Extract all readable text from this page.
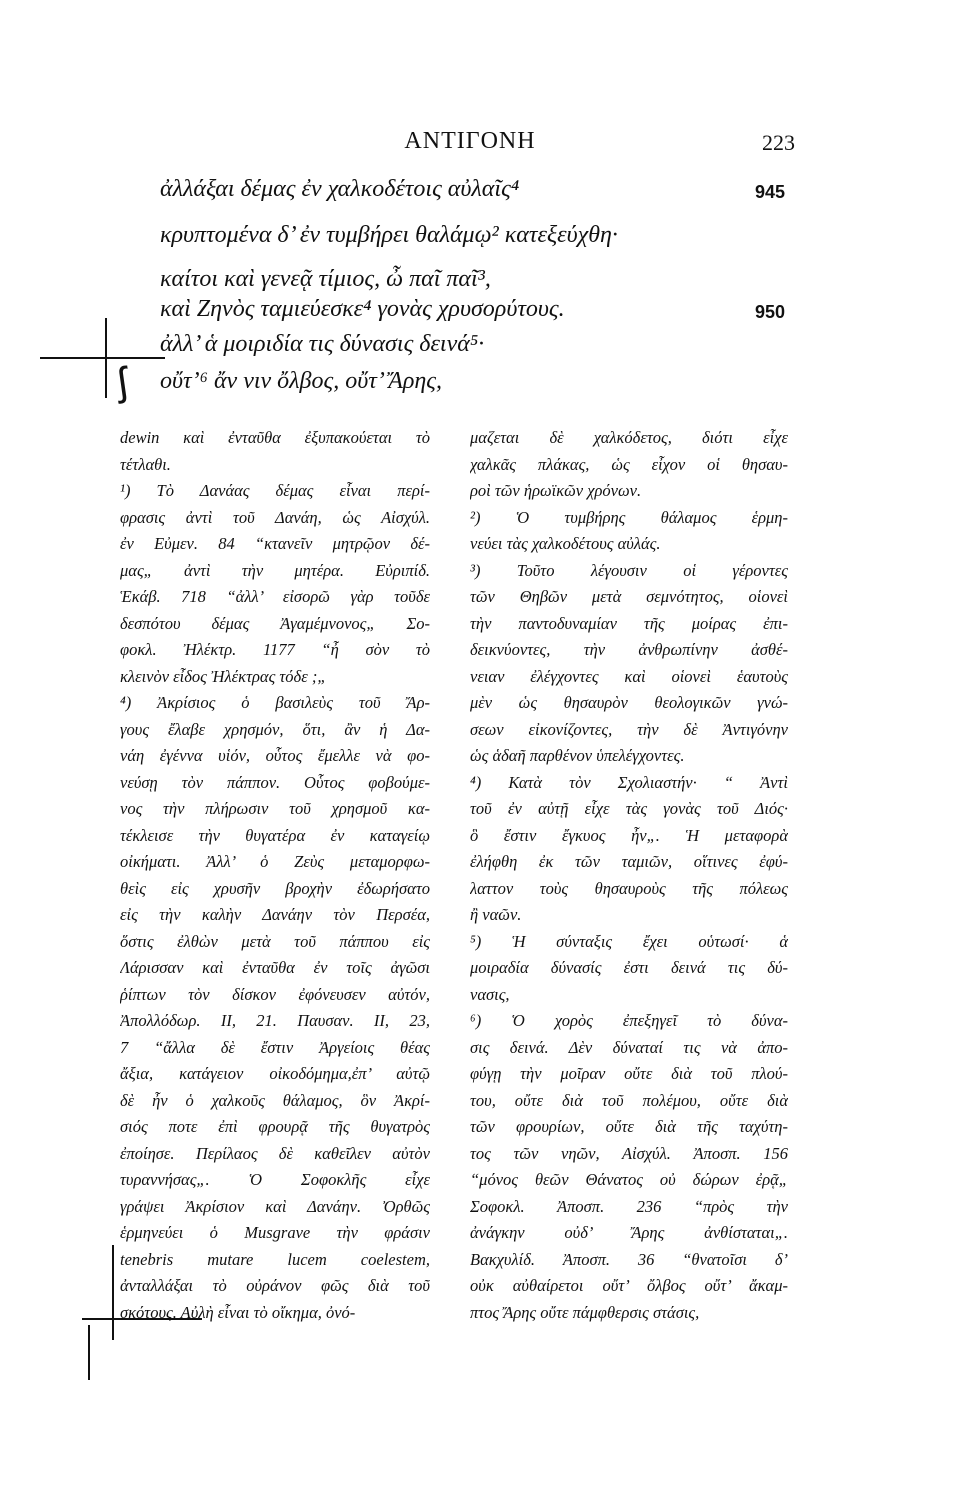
ΑΝΤΙΓΟΝΗ	223
ἀλλάξαι δέμας ἐν χαλκοδέτοις αὐλαῖς⁴	945
κρυπτομένα δ’ ἐν τυμβήρει θαλάμῳ² κατεξεύχθη·
καίτοι καὶ γενεᾷ τίμιος, ὦ παῖ παῖ³,
καὶ Ζηνὸς ταμιεύεσκε⁴ γονὰς χρυσορύτους.	950
ἀλλ’ ἁ μοιριδία τις δύνασις δεινά⁵·
οὔτ’⁶ ἄν νιν ὄλβος, οὔτ’ Ἄρης,
ʃ
dewin καὶ ἐνταῦθα ἐξυπακούεται τὸ
τέτλαθι.
¹) Τὸ Δανάας δέμας εἶναι περί-
φρασις ἀντὶ τοῦ Δανάη, ὡς Αἰσχύλ.
ἐν Εὐμεν. 84 “κτανεῖν μητρῷον δέ-
μας„ ἀντὶ τὴν μητέρα. Εὐριπίδ.
Ἑκάβ. 718 “ἀλλ’ εἰσορῶ γὰρ τοῦδε
δεσπότου δέμας Ἀγαμέμνονος„ Σο-
φοκλ. Ἠλέκτρ. 1177 “ἦ σὸν τὸ
κλεινὸν εἶδος Ἠλέκτρας τόδε ;„
⁴) Ἀκρίσιος ὁ βασιλεὺς τοῦ Ἄρ-
γους ἔλαβε χρησμόν, ὅτι, ἂν ἡ Δα-
νάη ἐγέννα υἱόν, οὗτος ἔμελλε νὰ φο-
νεύσῃ τὸν πάππον. Οὗτος φοβούμε-
νος τὴν πλήρωσιν τοῦ χρησμοῦ κα-
τέκλεισε τὴν θυγατέρα ἐν καταγείῳ
οἰκήματι. Ἀλλ’ ὁ Ζεὺς μεταμορφω-
θεὶς εἰς χρυσῆν βροχὴν ἐδωρήσατο
εἰς τὴν καλὴν Δανάην τὸν Περσέα,
ὅστις ἐλθὼν μετὰ τοῦ πάππου εἰς
Λάρισσαν καὶ ἐνταῦθα ἐν τοῖς ἀγῶσι
ῥίπτων τὸν δίσκον ἐφόνευσεν αὐτόν,
Ἀπολλόδωρ. ΙΙ, 21. Παυσαν. ΙΙ, 23,
7 “ἄλλα δὲ ἔστιν Ἀργείοις θέας
ἄξια, κατάγειον οἰκοδόμημα,ἐπ’ αὐτῷ
δὲ ἦν ὁ χαλκοῦς θάλαμος, ὃν Ἀκρί-
σιός ποτε ἐπὶ φρουρᾷ τῆς θυγατρὸς
ἐποίησε. Περίλαος δὲ καθεῖλεν αὐτὸν
τυραννήσας„. Ὁ Σοφοκλῆς εἶχε
γράψει Ἀκρίσιον καὶ Δανάην. Ὀρθῶς
ἑρμηνεύει ὁ Musgrave τὴν φράσιν
tenebris mutare lucem coelestem,
ἀνταλλάξαι τὸ οὐράνον φῶς διὰ τοῦ
σκότους. Αὐλὴ εἶναι τὸ οἴκημα, ὀνό-
μαζεται δὲ χαλκόδετος, διότι εἶχε
χαλκᾶς πλάκας, ὡς εἶχον οἱ θησαυ-
ροὶ τῶν ἡρωϊκῶν χρόνων.
²) Ὁ τυμβήρης θάλαμος ἑρμη-
νεύει τὰς χαλκοδέτους αὐλάς.
³) Τοῦτο λέγουσιν οἱ γέροντες
τῶν Θηβῶν μετὰ σεμνότητος, οἱονεὶ
τὴν παντοδυναμίαν τῆς μοίρας ἐπι-
δεικνύοντες, τὴν ἀνθρωπίνην ἀσθέ-
νειαν ἐλέγχοντες καὶ οἱονεὶ ἑαυτοὺς
μὲν ὡς θησαυρὸν θεολογικῶν γνώ-
σεων εἰκονίζοντες, τὴν δὲ Ἀντιγόνην
ὡς ἁδαῆ παρθένον ὑπελέγχοντες.
⁴) Κατὰ τὸν Σχολιαστήν· “ Ἀντὶ
τοῦ ἐν αὐτῇ εἶχε τὰς γονὰς τοῦ Διός·
ὃ ἔστιν ἔγκυος ἦν„. Ἡ μεταφορὰ
ἐλήφθη ἐκ τῶν ταμιῶν, οἵτινες ἐφύ-
λαττον τοὺς θησαυροὺς τῆς πόλεως
ἢ ναῶν.
⁵) Ἡ σύνταξις ἔχει οὑτωσί· ἁ
μοιραδία δύνασίς ἐστι δεινά τις δύ-
νασις,
⁶) Ὁ χορὸς ἐπεξηγεῖ τὸ δύνα-
σις δεινά. Δὲν δύναταί τις νὰ ἀπο-
φύγῃ τὴν μοῖραν οὔτε διὰ τοῦ πλού-
του, οὔτε διὰ τοῦ πολέμου, οὔτε διὰ
τῶν φρουρίων, οὔτε διὰ τῆς ταχύτη-
τος τῶν νηῶν, Αἰσχύλ. Ἀποσπ. 156
“μόνος θεῶν Θάνατος οὐ δώρων ἐρᾷ„
Σοφοκλ. Ἀποσπ. 236 “πρὸς τὴν
ἀνάγκην οὐδ’ Ἄρης ἀνθίσταται„.
Βακχυλίδ. Ἀποσπ. 36 “θνατοῖσι δ’
οὐκ αὐθαίρετοι οὔτ’ ὄλβος οὔτ’ ἄκαμ-
πτος Ἄρης οὔτε πάμφθερσις στάσις,
